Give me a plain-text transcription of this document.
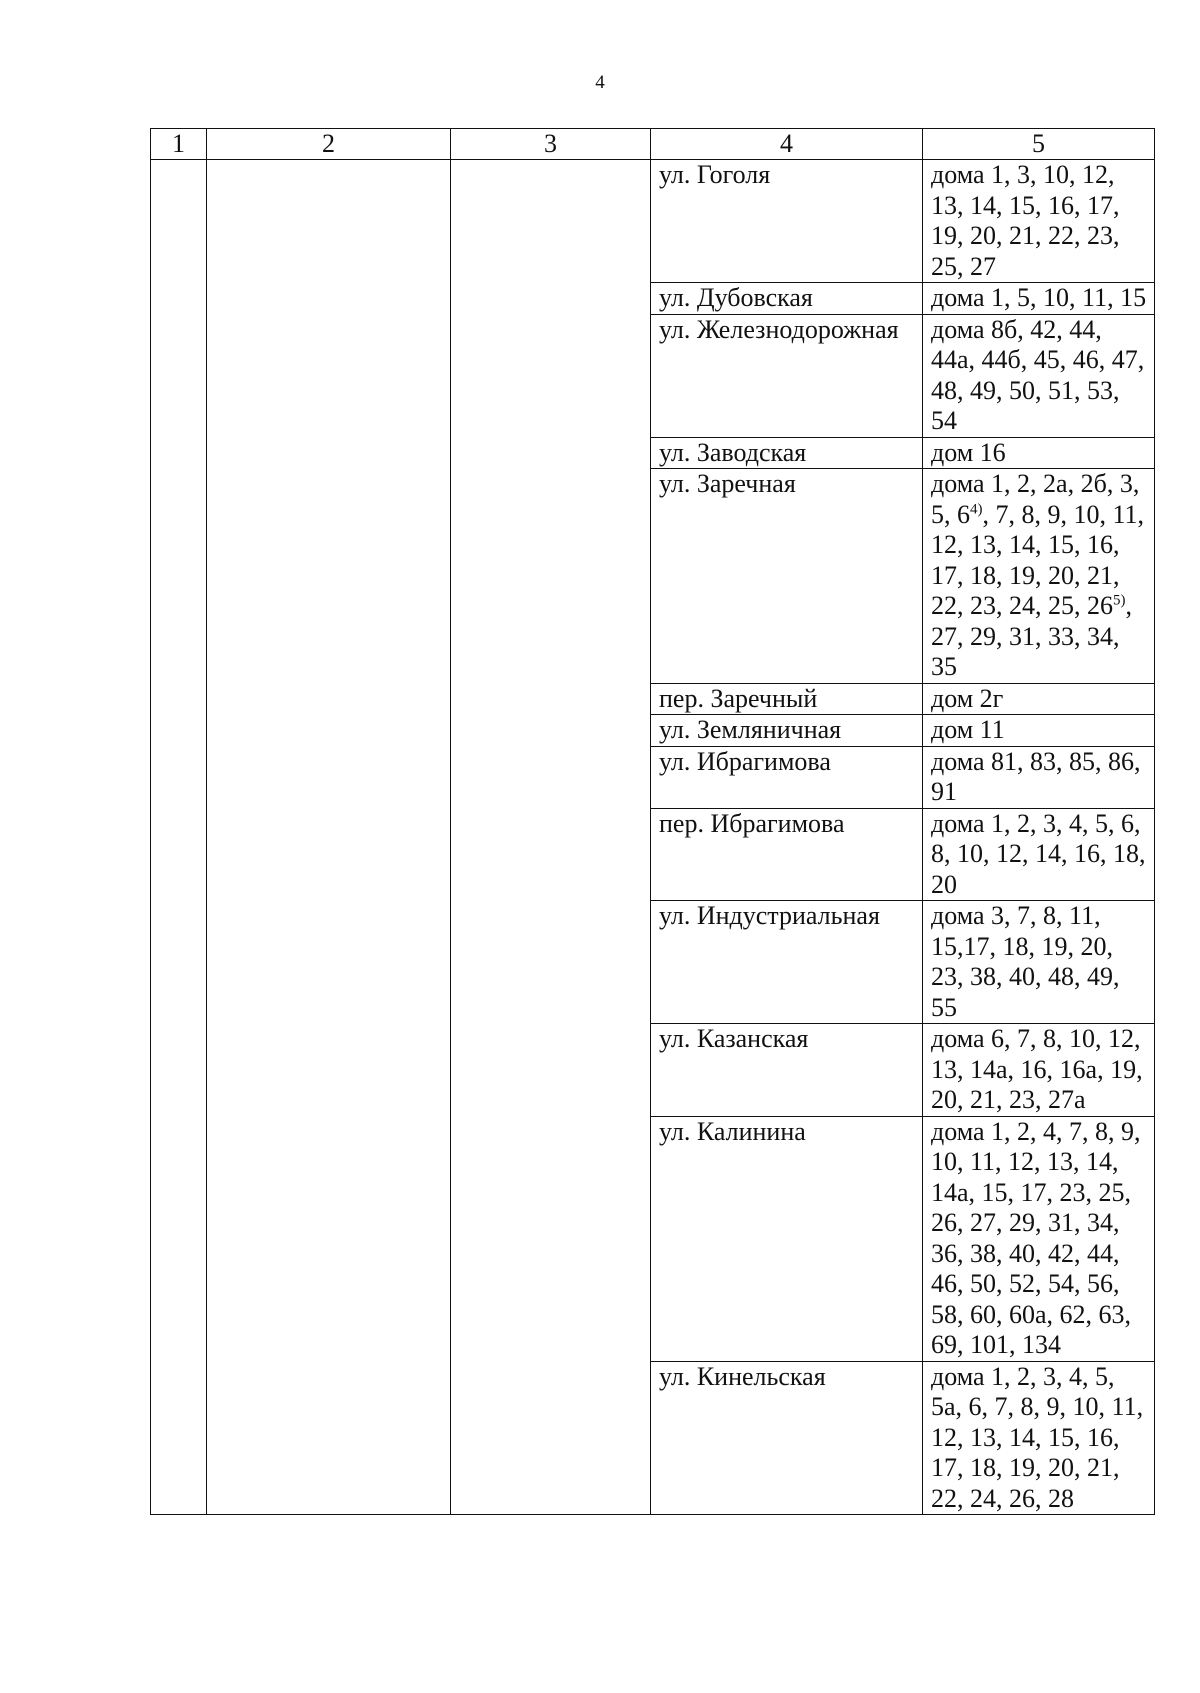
4
1	2	3	4	5
			ул. Гоголя	дома 1, 3, 10, 12, 13, 14, 15, 16, 17, 19, 20, 21, 22, 23, 25, 27
			ул. Дубовская	дома 1, 5, 10, 11, 15
			ул. Железнодорожная	дома 8б, 42, 44, 44а, 44б, 45, 46, 47, 48, 49, 50, 51, 53, 54
			ул. Заводская	дом 16
			ул. Заречная	дома 1, 2, 2а, 2б, 3, 5, 6$^{4)}$, 7, 8, 9, 10, 11, 12, 13, 14, 15, 16, 17, 18, 19, 20, 21, 22, 23, 24, 25, 26$^{5)}$, 27, 29, 31, 33, 34, 35
			пер. Заречный	дом 2г
			ул. Земляничная	дом 11
			ул. Ибрагимова	дома 81, 83, 85, 86, 91
			пер. Ибрагимова	дома 1, 2, 3, 4, 5, 6, 8, 10, 12, 14, 16, 18, 20
			ул. Индустриальная	дома 3, 7, 8, 11, 15,17, 18, 19, 20, 23, 38, 40, 48, 49, 55
			ул. Казанская	дома 6, 7, 8, 10, 12, 13, 14а, 16, 16а, 19, 20, 21, 23, 27а
			ул. Калинина	дома 1, 2, 4, 7, 8, 9, 10, 11, 12, 13, 14, 14а, 15, 17, 23, 25, 26, 27, 29, 31, 34, 36, 38, 40, 42, 44, 46, 50, 52, 54, 56, 58, 60, 60а, 62, 63, 69, 101, 134
			ул. Кинельская	дома 1, 2, 3, 4, 5, 5а, 6, 7, 8, 9, 10, 11, 12, 13, 14, 15, 16, 17, 18, 19, 20, 21, 22, 24, 26, 28
